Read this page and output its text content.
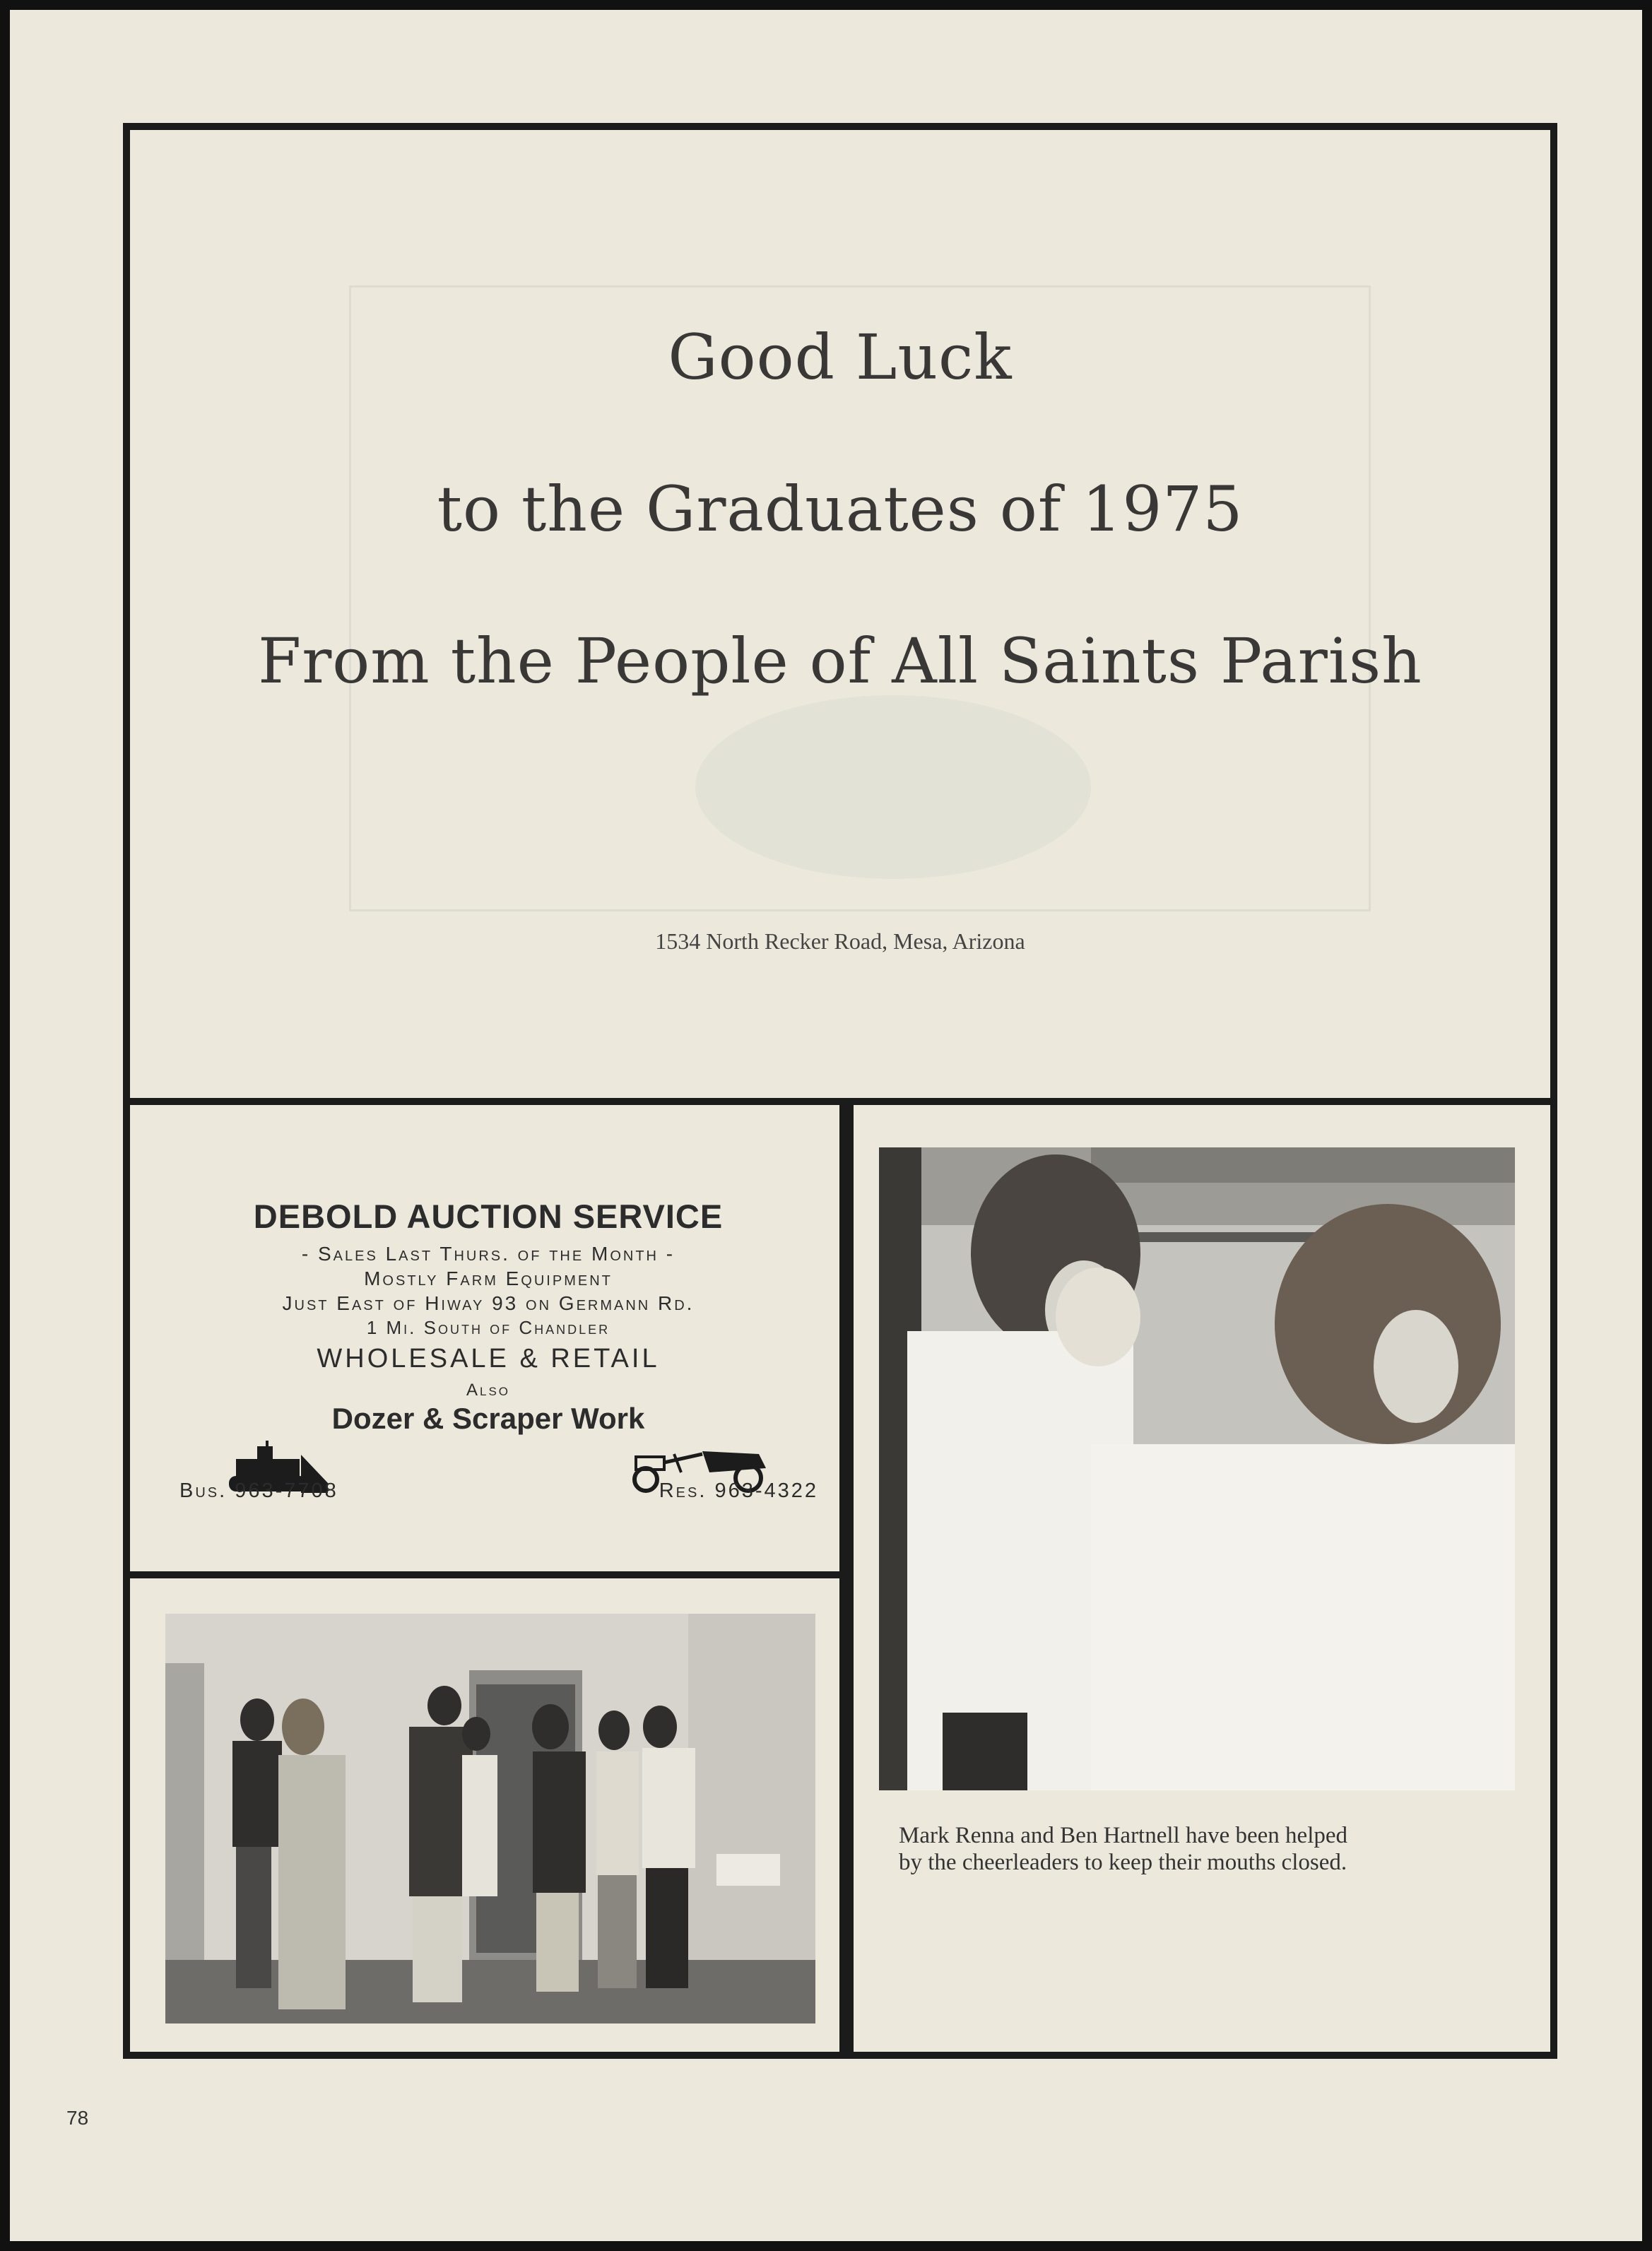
Good Luck
to the Graduates of 1975
From the People of All Saints Parish
1534 North Recker Road, Mesa, Arizona
DEBOLD AUCTION SERVICE
- Sales Last Thurs. of the Month -
Mostly Farm Equipment
Just East of Hiway 93 on Germann Rd.
1 Mi. South of Chandler
WHOLESALE & RETAIL
Also
Dozer & Scraper Work
Bus. 963-7708	Res. 963-4322
Mark Renna and Ben Hartnell have been helped
by the cheerleaders to keep their mouths closed.
78
